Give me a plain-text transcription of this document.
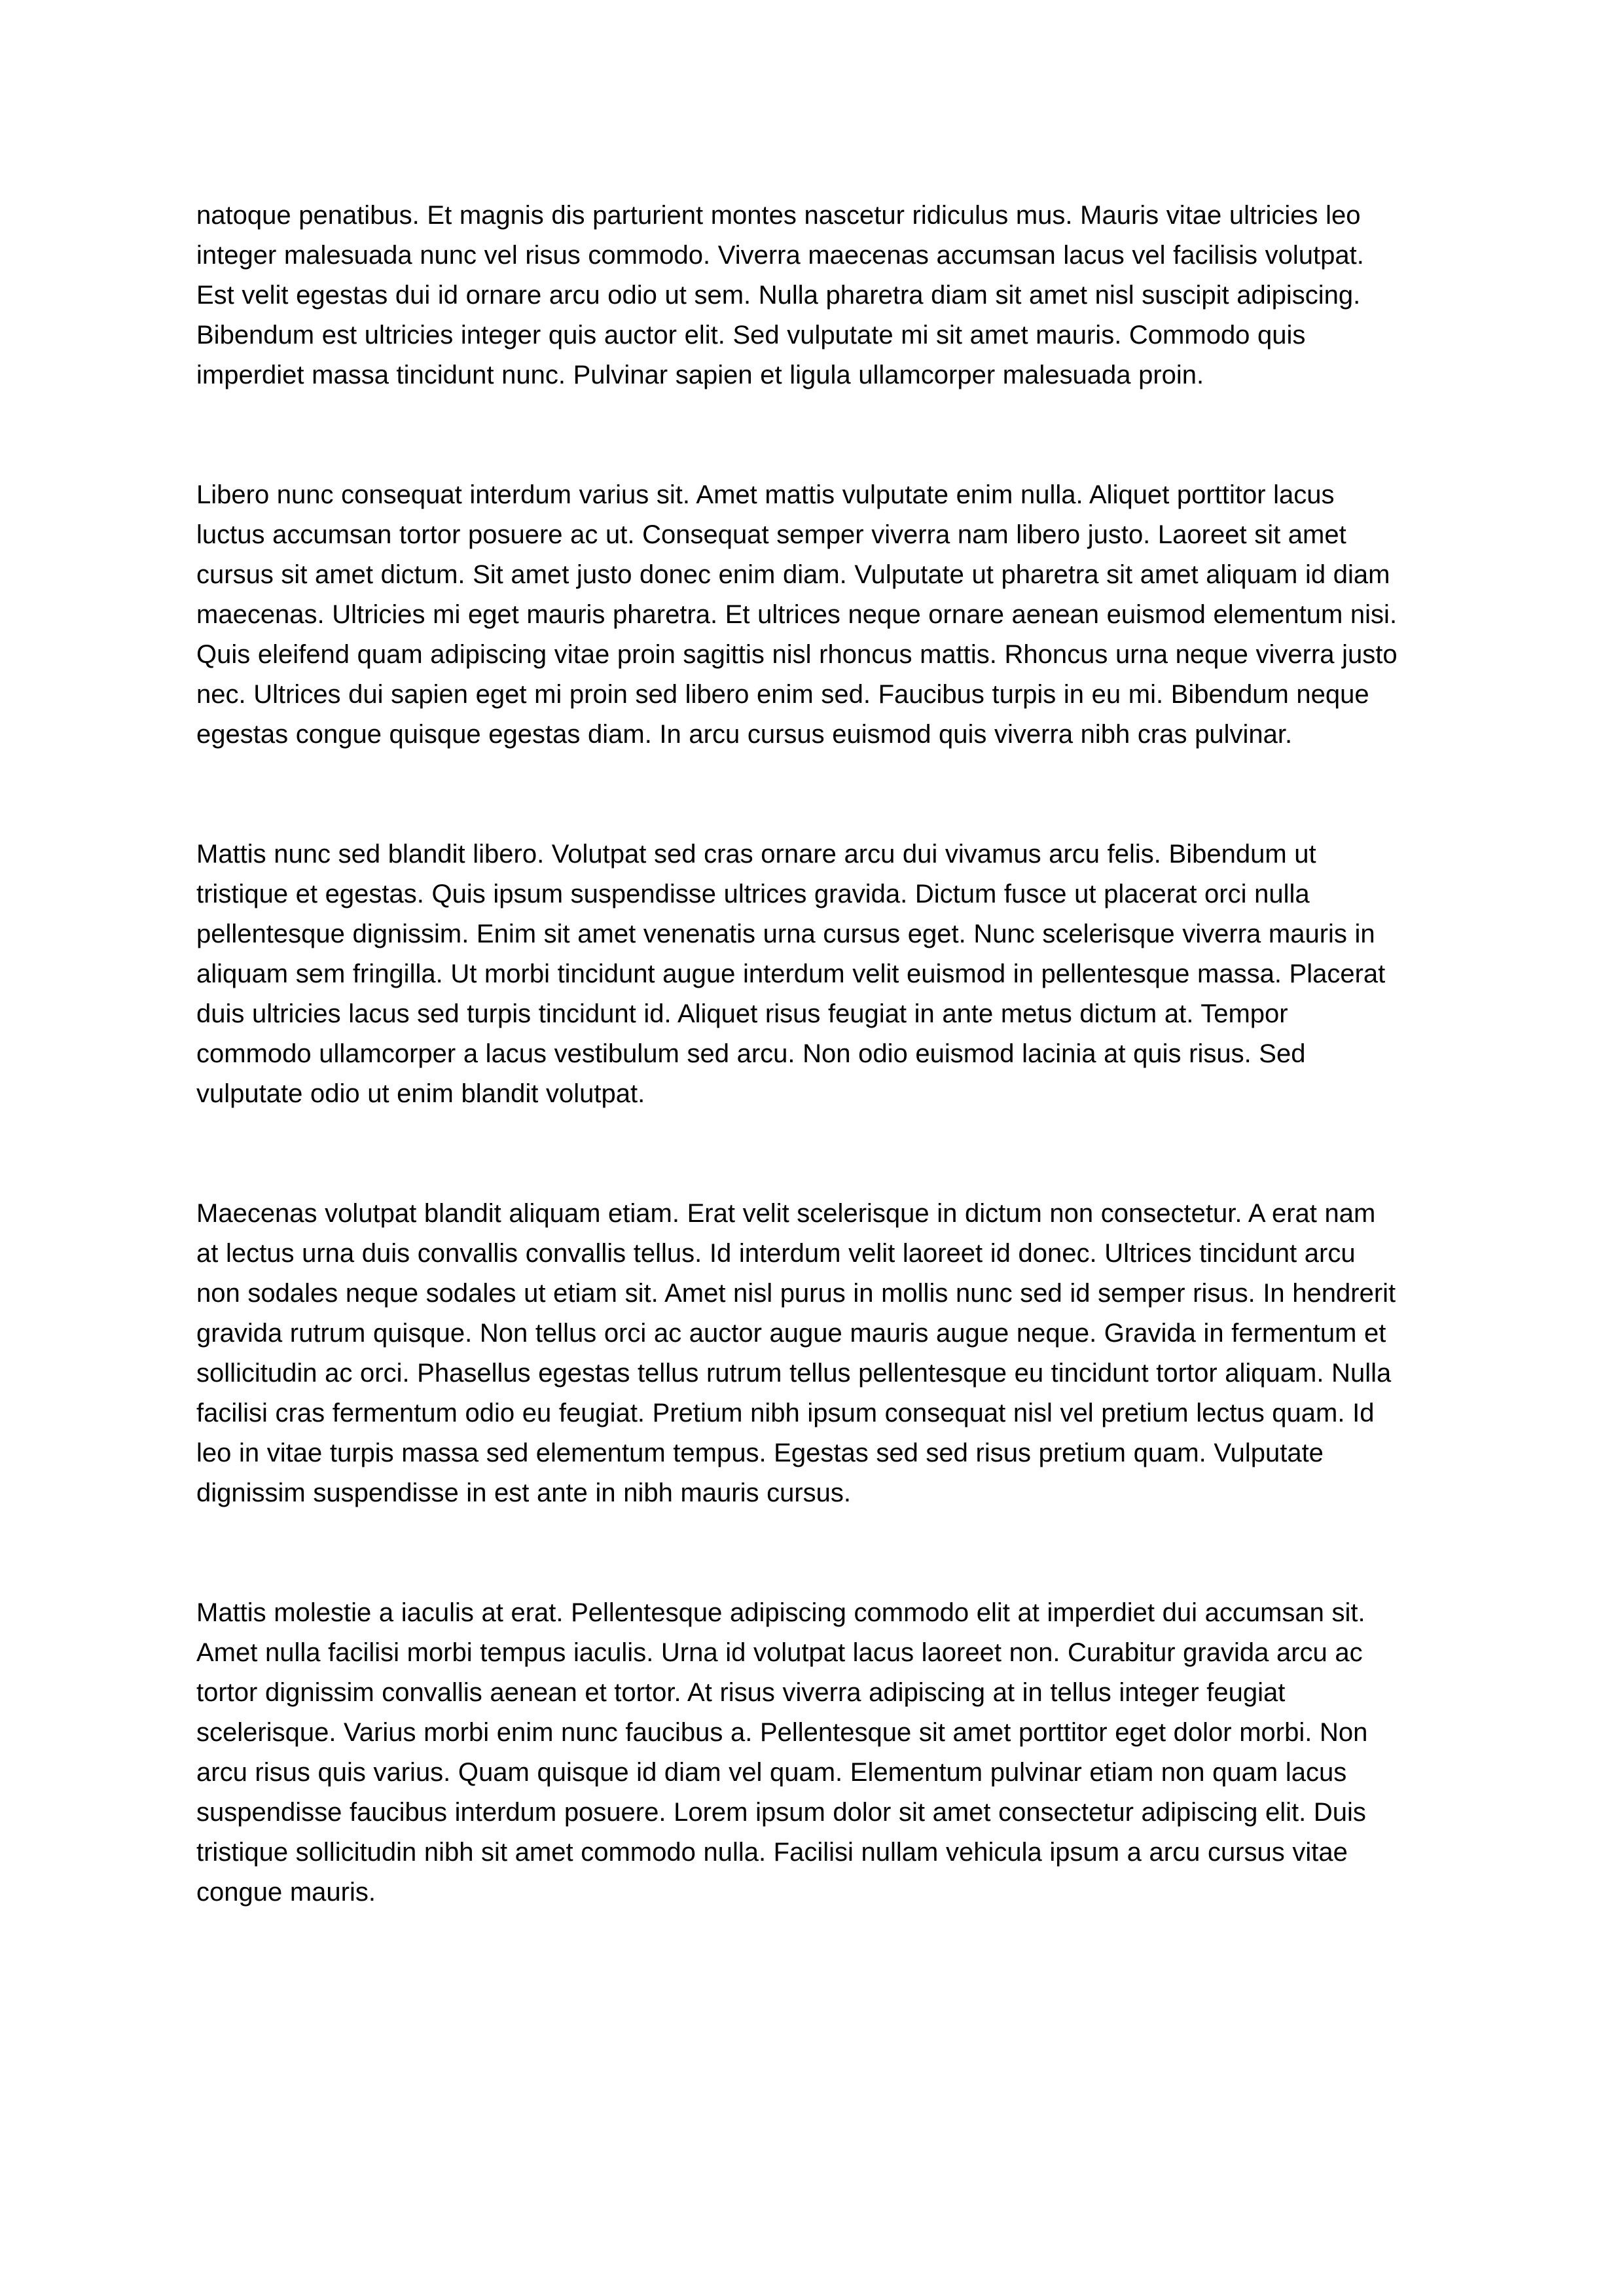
natoque penatibus. Et magnis dis parturient montes nascetur ridiculus mus. Mauris vitae ultricies leo integer malesuada nunc vel risus commodo. Viverra maecenas accumsan lacus vel facilisis volutpat. Est velit egestas dui id ornare arcu odio ut sem. Nulla pharetra diam sit amet nisl suscipit adipiscing. Bibendum est ultricies integer quis auctor elit. Sed vulputate mi sit amet mauris. Commodo quis imperdiet massa tincidunt nunc. Pulvinar sapien et ligula ullamcorper malesuada proin.

Libero nunc consequat interdum varius sit. Amet mattis vulputate enim nulla. Aliquet porttitor lacus luctus accumsan tortor posuere ac ut. Consequat semper viverra nam libero justo. Laoreet sit amet cursus sit amet dictum. Sit amet justo donec enim diam. Vulputate ut pharetra sit amet aliquam id diam maecenas. Ultricies mi eget mauris pharetra. Et ultrices neque ornare aenean euismod elementum nisi. Quis eleifend quam adipiscing vitae proin sagittis nisl rhoncus mattis. Rhoncus urna neque viverra justo nec. Ultrices dui sapien eget mi proin sed libero enim sed. Faucibus turpis in eu mi. Bibendum neque egestas congue quisque egestas diam. In arcu cursus euismod quis viverra nibh cras pulvinar.

Mattis nunc sed blandit libero. Volutpat sed cras ornare arcu dui vivamus arcu felis. Bibendum ut tristique et egestas. Quis ipsum suspendisse ultrices gravida. Dictum fusce ut placerat orci nulla pellentesque dignissim. Enim sit amet venenatis urna cursus eget. Nunc scelerisque viverra mauris in aliquam sem fringilla. Ut morbi tincidunt augue interdum velit euismod in pellentesque massa. Placerat duis ultricies lacus sed turpis tincidunt id. Aliquet risus feugiat in ante metus dictum at. Tempor commodo ullamcorper a lacus vestibulum sed arcu. Non odio euismod lacinia at quis risus. Sed vulputate odio ut enim blandit volutpat.

Maecenas volutpat blandit aliquam etiam. Erat velit scelerisque in dictum non consectetur. A erat nam at lectus urna duis convallis convallis tellus. Id interdum velit laoreet id donec. Ultrices tincidunt arcu non sodales neque sodales ut etiam sit. Amet nisl purus in mollis nunc sed id semper risus. In hendrerit gravida rutrum quisque. Non tellus orci ac auctor augue mauris augue neque. Gravida in fermentum et sollicitudin ac orci. Phasellus egestas tellus rutrum tellus pellentesque eu tincidunt tortor aliquam. Nulla facilisi cras fermentum odio eu feugiat. Pretium nibh ipsum consequat nisl vel pretium lectus quam. Id leo in vitae turpis massa sed elementum tempus. Egestas sed sed risus pretium quam. Vulputate dignissim suspendisse in est ante in nibh mauris cursus.

Mattis molestie a iaculis at erat. Pellentesque adipiscing commodo elit at imperdiet dui accumsan sit. Amet nulla facilisi morbi tempus iaculis. Urna id volutpat lacus laoreet non. Curabitur gravida arcu ac tortor dignissim convallis aenean et tortor. At risus viverra adipiscing at in tellus integer feugiat scelerisque. Varius morbi enim nunc faucibus a. Pellentesque sit amet porttitor eget dolor morbi. Non arcu risus quis varius. Quam quisque id diam vel quam. Elementum pulvinar etiam non quam lacus suspendisse faucibus interdum posuere. Lorem ipsum dolor sit amet consectetur adipiscing elit. Duis tristique sollicitudin nibh sit amet commodo nulla. Facilisi nullam vehicula ipsum a arcu cursus vitae congue mauris.
